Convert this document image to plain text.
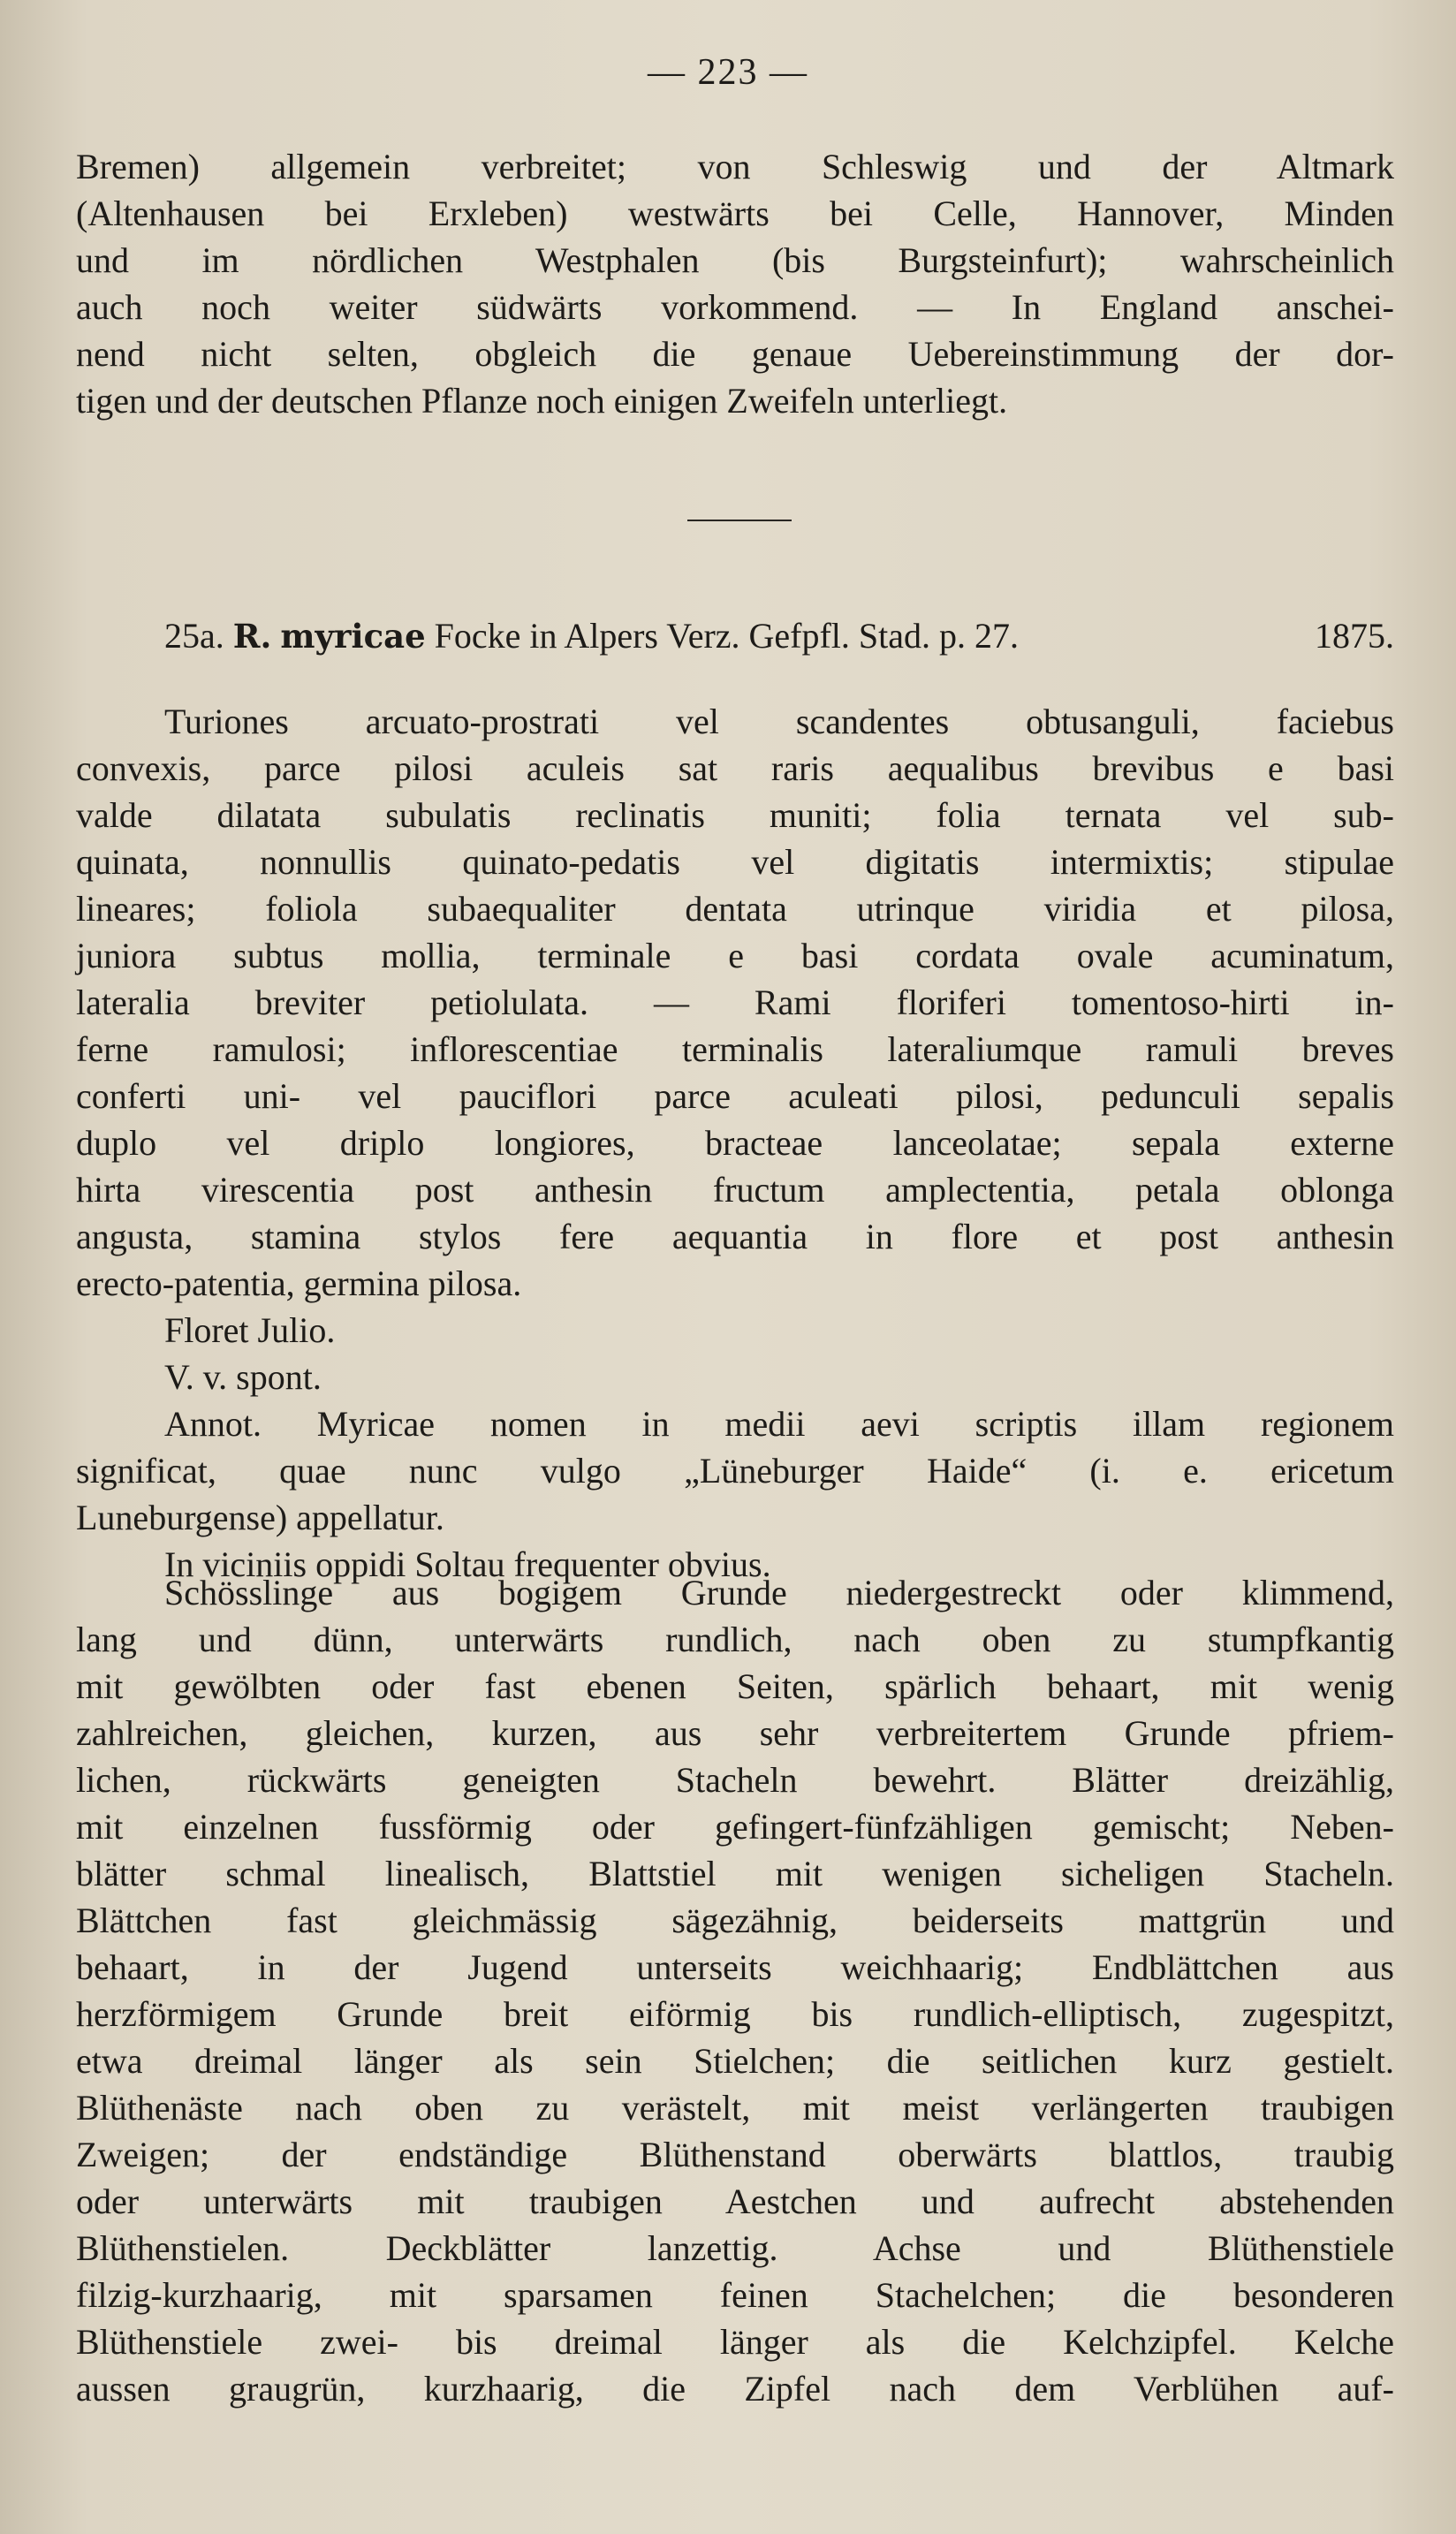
— 223 —
Bremen) allgemein verbreitet; von Schleswig und der Altmark
(Altenhausen bei Erxleben) westwärts bei Celle, Hannover, Minden
und im nördlichen Westphalen (bis Burgsteinfurt); wahrscheinlich
auch noch weiter südwärts vorkommend. — In England anschei-
nend nicht selten, obgleich die genaue Uebereinstimmung der dor-
tigen und der deutschen Pflanze noch einigen Zweifeln unterliegt.
25a. R. myricae Focke in Alpers Verz. Gefpfl. Stad. p. 27.	1875.
Turiones arcuato-prostrati vel scandentes obtusanguli, faciebus
convexis, parce pilosi aculeis sat raris aequalibus brevibus e basi
valde dilatata subulatis reclinatis muniti; folia ternata vel sub-
quinata, nonnullis quinato-pedatis vel digitatis intermixtis; stipulae
lineares; foliola subaequaliter dentata utrinque viridia et pilosa,
juniora subtus mollia, terminale e basi cordata ovale acuminatum,
lateralia breviter petiolulata. — Rami floriferi tomentoso-hirti in-
ferne ramulosi; inflorescentiae terminalis lateraliumque ramuli breves
conferti uni- vel pauciflori parce aculeati pilosi, pedunculi sepalis
duplo vel driplo longiores, bracteae lanceolatae; sepala externe
hirta virescentia post anthesin fructum amplectentia, petala oblonga
angusta, stamina stylos fere aequantia in flore et post anthesin
erecto-patentia, germina pilosa.
Floret Julio.
V. v. spont.
Annot. Myricae nomen in medii aevi scriptis illam regionem
significat, quae nunc vulgo „Lüneburger Haide“ (i. e. ericetum
Luneburgense) appellatur.
In viciniis oppidi Soltau frequenter obvius.
Schösslinge aus bogigem Grunde niedergestreckt oder klimmend,
lang und dünn, unterwärts rundlich, nach oben zu stumpfkantig
mit gewölbten oder fast ebenen Seiten, spärlich behaart, mit wenig
zahlreichen, gleichen, kurzen, aus sehr verbreitertem Grunde pfriem-
lichen, rückwärts geneigten Stacheln bewehrt. Blätter dreizählig,
mit einzelnen fussförmig oder gefingert-fünfzähligen gemischt; Neben-
blätter schmal linealisch, Blattstiel mit wenigen sicheligen Stacheln.
Blättchen fast gleichmässig sägezähnig, beiderseits mattgrün und
behaart, in der Jugend unterseits weichhaarig; Endblättchen aus
herzförmigem Grunde breit eiförmig bis rundlich-elliptisch, zugespitzt,
etwa dreimal länger als sein Stielchen; die seitlichen kurz gestielt.
Blüthenäste nach oben zu verästelt, mit meist verlängerten traubigen
Zweigen; der endständige Blüthenstand oberwärts blattlos, traubig
oder unterwärts mit traubigen Aestchen und aufrecht abstehenden
Blüthenstielen. Deckblätter lanzettig. Achse und Blüthenstiele
filzig-kurzhaarig, mit sparsamen feinen Stachelchen; die besonderen
Blüthenstiele zwei- bis dreimal länger als die Kelchzipfel. Kelche
aussen graugrün, kurzhaarig, die Zipfel nach dem Verblühen auf-
